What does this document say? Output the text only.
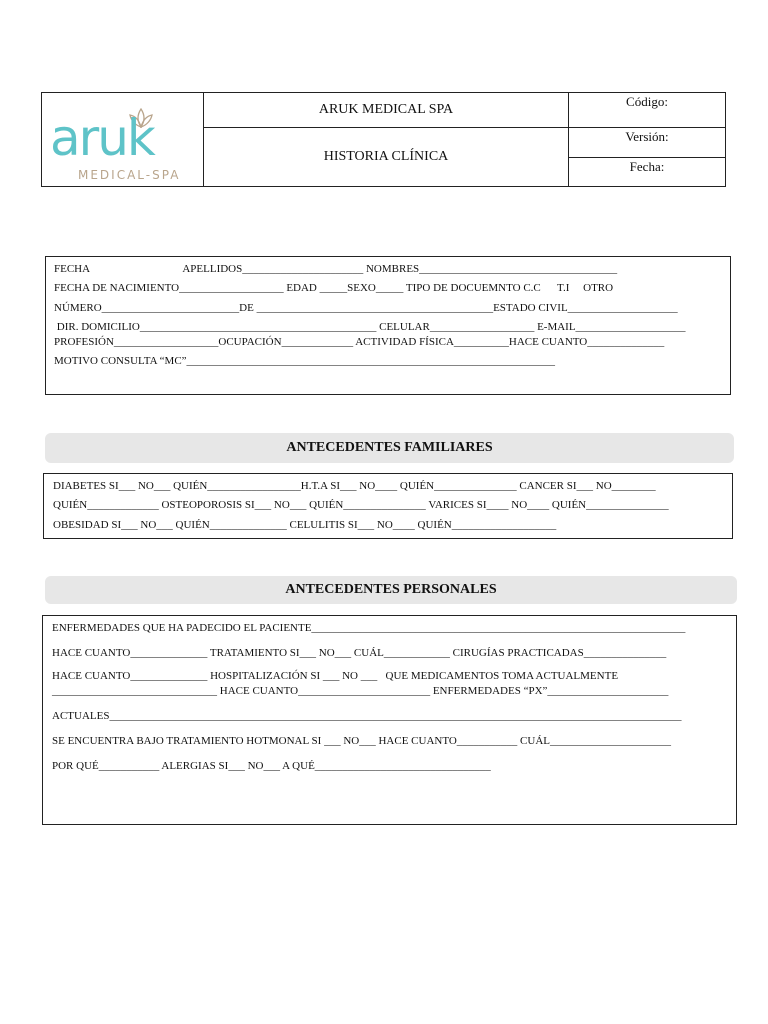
aruk
MEDICAL-SPA
ARUK MEDICAL SPA
HISTORIA CLÍNICA
Código:
Versión:
Fecha:
FECHA                                  APELLIDOS______________________ NOMBRES____________________________________
FECHA DE NACIMIENTO___________________ EDAD _____SEXO_____ TIPO DE DOCUEMNTO C.C      T.I     OTRO
NÚMERO_________________________DE ___________________________________________ESTADO CIVIL____________________
DIR. DOMICILIO___________________________________________ CELULAR___________________ E-MAIL____________________
PROFESIÓN___________________OCUPACIÓN_____________ ACTIVIDAD FÍSICA__________HACE CUANTO______________
MOTIVO CONSULTA “MC”___________________________________________________________________
ANTECEDENTES FAMILIARES
DIABETES SI___ NO___ QUIÉN_________________H.T.A SI___ NO____ QUIÉN_______________ CANCER SI___ NO________
QUIÉN_____________ OSTEOPOROSIS SI___ NO___ QUIÉN_______________ VARICES SI____ NO____ QUIÉN_______________
OBESIDAD SI___ NO___ QUIÉN______________ CELULITIS SI___ NO____ QUIÉN___________________
ANTECEDENTES PERSONALES
ENFERMEDADES QUE HA PADECIDO EL PACIENTE____________________________________________________________________
HACE CUANTO______________ TRATAMIENTO SI___ NO___ CUÁL____________ CIRUGÍAS PRACTICADAS_______________
HACE CUANTO______________ HOSPITALIZACIÓN SI ___ NO ___   QUE MEDICAMENTOS TOMA ACTUALMENTE
______________________________ HACE CUANTO________________________ ENFERMEDADES “PX”______________________
ACTUALES________________________________________________________________________________________________________
SE ENCUENTRA BAJO TRATAMIENTO HOTMONAL SI ___ NO___ HACE CUANTO___________ CUÁL______________________
POR QUÉ___________ ALERGIAS SI___ NO___ A QUÉ________________________________
